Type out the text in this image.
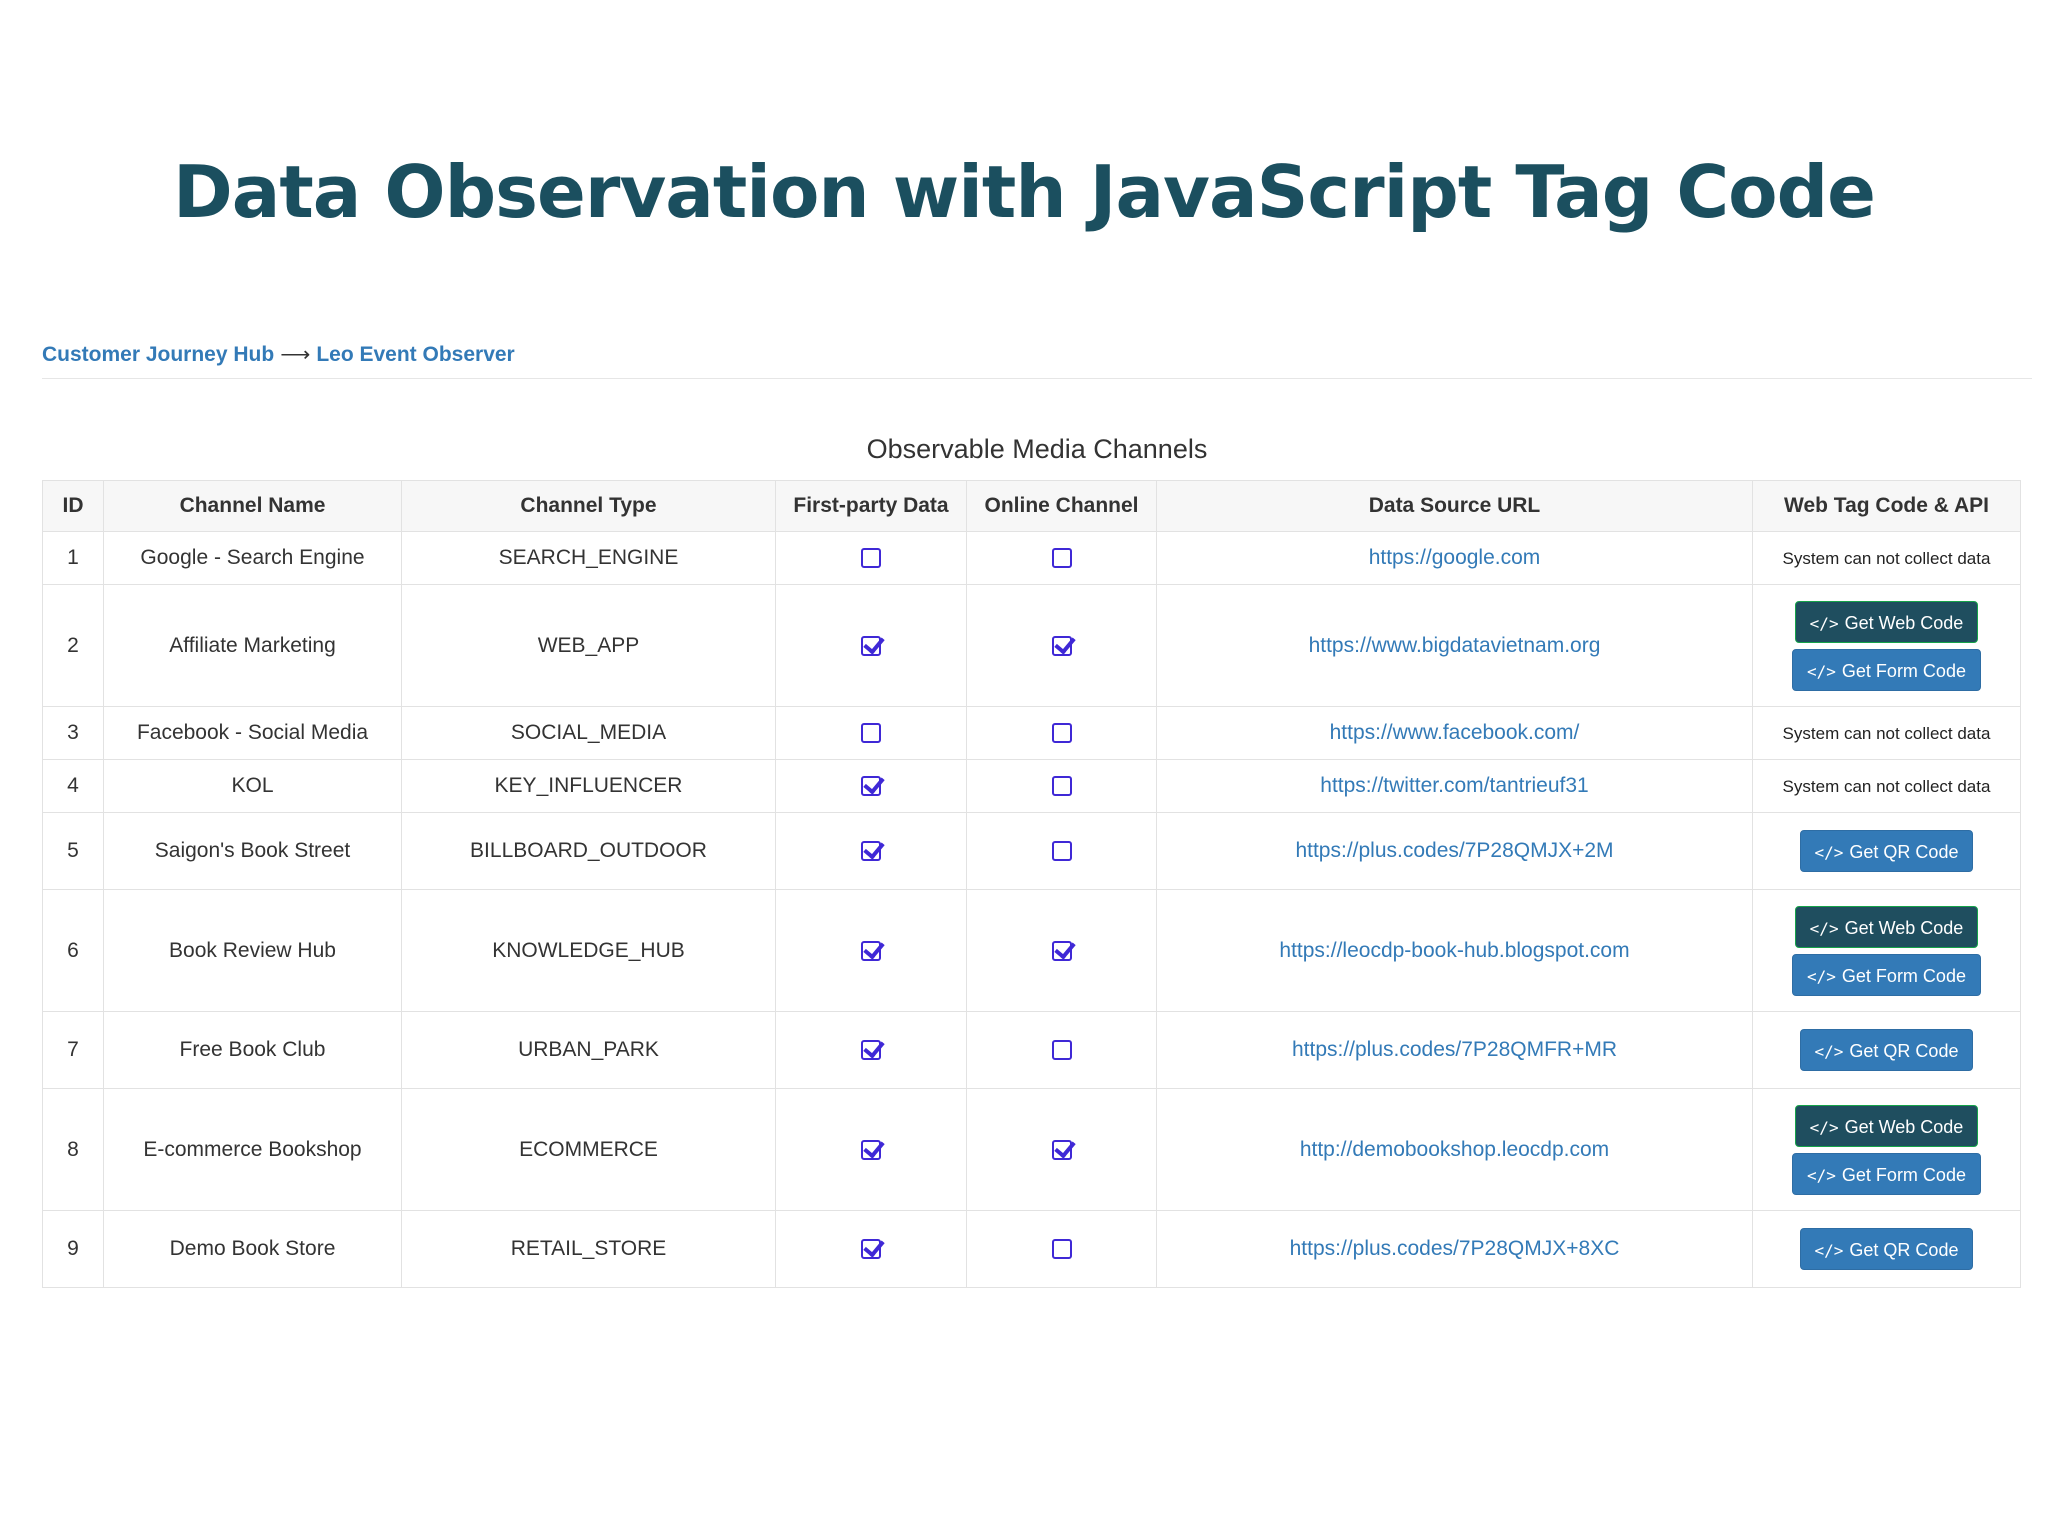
Data Observation with JavaScript Tag Code
Customer Journey Hub ⟶ Leo Event Observer
Observable Media Channels
ID	Channel Name	Channel Type	First-party Data	Online Channel	Data Source URL	Web Tag Code & API
1	Google - Search Engine	SEARCH_ENGINE			https://google.com	System can not collect data
2	Affiliate Marketing	WEB_APP			https://www.bigdatavietnam.org	</> Get Web Code
</> Get Form Code

3	Facebook - Social Media	SOCIAL_MEDIA			https://www.facebook.com/	System can not collect data
4	KOL	KEY_INFLUENCER			https://twitter.com/tantrieuf31	System can not collect data
5	Saigon's Book Street	BILLBOARD_OUTDOOR			https://plus.codes/7P28QMJX+2M	</> Get QR Code

6	Book Review Hub	KNOWLEDGE_HUB			https://leocdp-book-hub.blogspot.com	</> Get Web Code
</> Get Form Code

7	Free Book Club	URBAN_PARK			https://plus.codes/7P28QMFR+MR	</> Get QR Code

8	E-commerce Bookshop	ECOMMERCE			http://demobookshop.leocdp.com	</> Get Web Code
</> Get Form Code

9	Demo Book Store	RETAIL_STORE			https://plus.codes/7P28QMJX+8XC	</> Get QR Code
